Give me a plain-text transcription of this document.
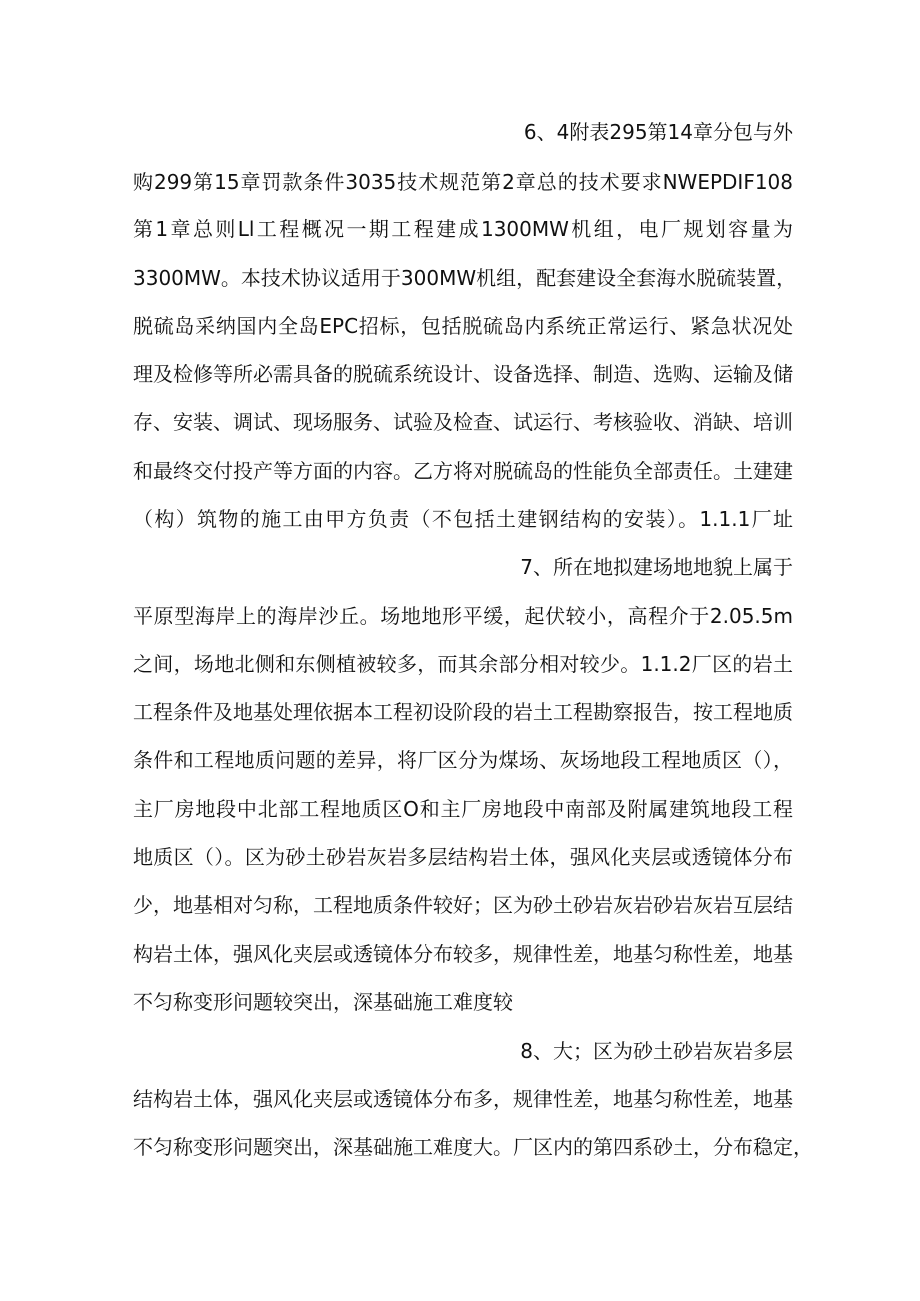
6、4附表295第14章分包与外
购299第15章罚款条件3035技术规范第2章总的技术要求NWEPDIF108
第1章总则Ll工程概况一期工程建成1300MW机组，电厂规划容量为
3300MW。本技术协议适用于300MW机组，配套建设全套海水脱硫装置，
脱硫岛采纳国内全岛EPC招标，包括脱硫岛内系统正常运行、紧急状况处
理及检修等所必需具备的脱硫系统设计、设备选择、制造、选购、运输及储
存、安装、调试、现场服务、试验及检查、试运行、考核验收、消缺、培训
和最终交付投产等方面的内容。乙方将对脱硫岛的性能负全部责任。土建建
（构）筑物的施工由甲方负责（不包括土建钢结构的安装）。1.1.1厂址
7、所在地拟建场地地貌上属于
平原型海岸上的海岸沙丘。场地地形平缓，起伏较小，高程介于2.05.5m
之间，场地北侧和东侧植被较多，而其余部分相对较少。1.1.2厂区的岩土
工程条件及地基处理依据本工程初设阶段的岩土工程勘察报告，按工程地质
条件和工程地质问题的差异，将厂区分为煤场、灰场地段工程地质区（），
主厂房地段中北部工程地质区O和主厂房地段中南部及附属建筑地段工程
地质区（）。区为砂土砂岩灰岩多层结构岩土体，强风化夹层或透镜体分布
少，地基相对匀称，工程地质条件较好；区为砂土砂岩灰岩砂岩灰岩互层结
构岩土体，强风化夹层或透镜体分布较多，规律性差，地基匀称性差，地基
不匀称变形问题较突出，深基础施工难度较
8、大；区为砂土砂岩灰岩多层
结构岩土体，强风化夹层或透镜体分布多，规律性差，地基匀称性差，地基
不匀称变形问题突出，深基础施工难度大。厂区内的第四系砂土，分布稳定，
